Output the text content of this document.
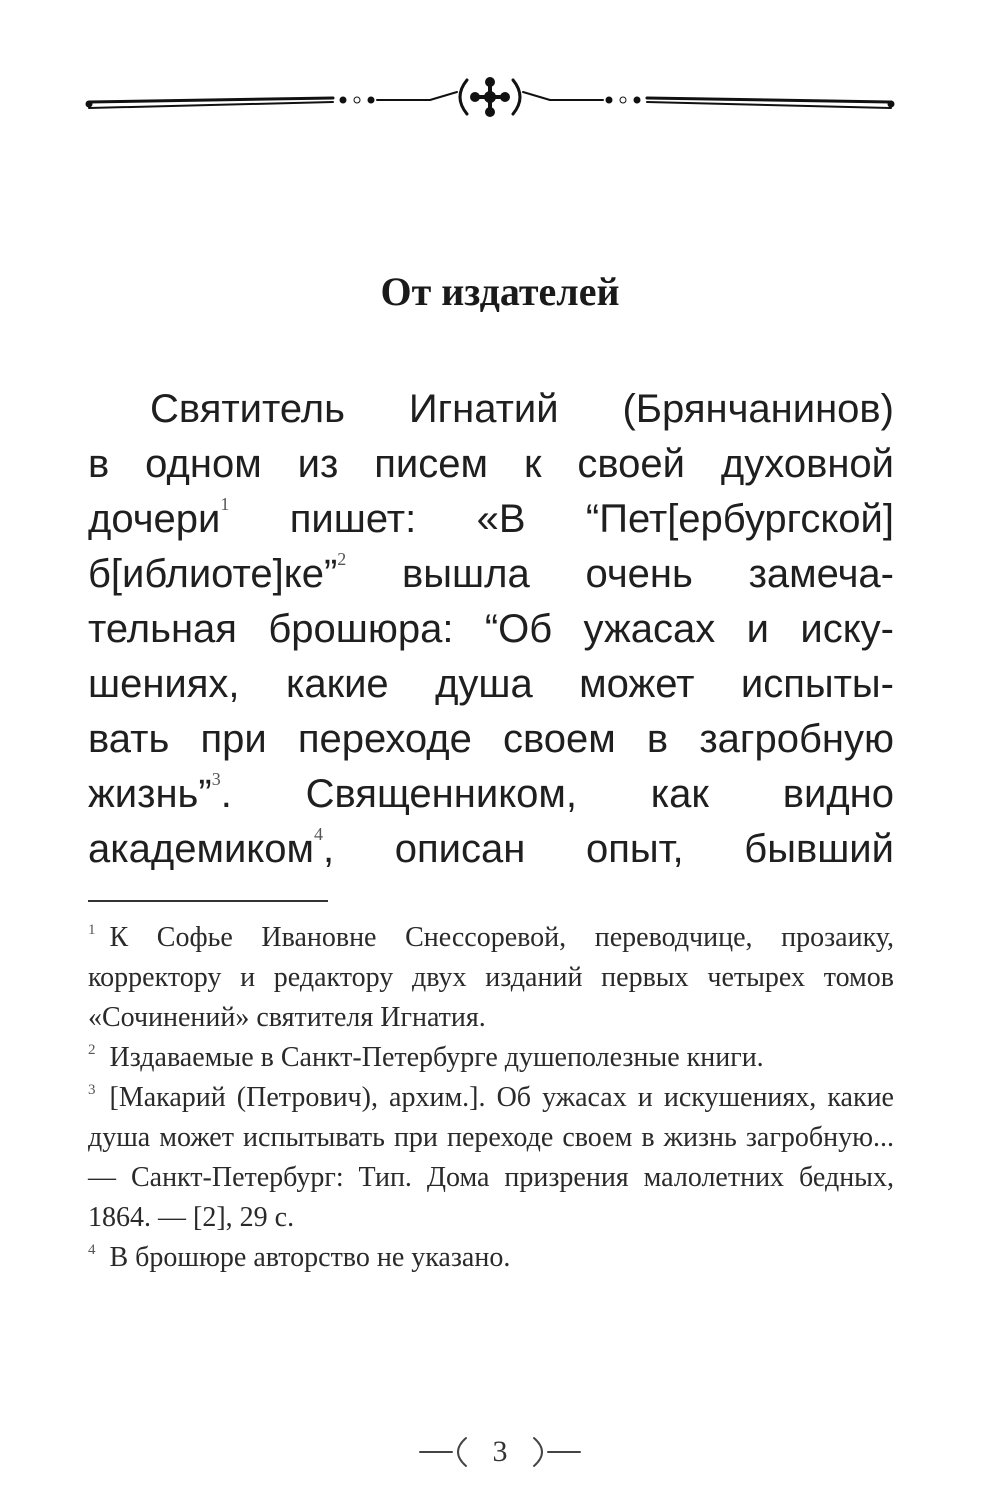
От издателей
Святитель Игнатий (Брянчанинов)
в одном из писем к своей духовной
дочери$^1$ пишет: «В “Пет[ербургской]
б[иблиоте]ке”$^2$ вышла очень замеча-
тельная брошюра: “Об ужасах и иску-
шениях, какие душа может испыты-
вать при переходе своем в загробную
жизнь”$^3$. Священником, как видно
академиком$^4$, описан опыт, бывший

$^1$ К Софье Ивановне Снессоревой, переводчице, прозаику, корректору и редактору двух изданий первых четырех томов «Сочинений» святителя Игнатия.

$^2$ Издаваемые в Санкт-Петербурге душеполезные книги.

$^3$ [Макарий (Петрович), архим.]. Об ужасах и искушениях, какие душа может испытывать при переходе своем в жизнь загробную... — Санкт-Петербург: Тип. Дома призрения малолетних бедных, 1864. — [2], 29 с.

$^4$ В брошюре авторство не указано.

3
